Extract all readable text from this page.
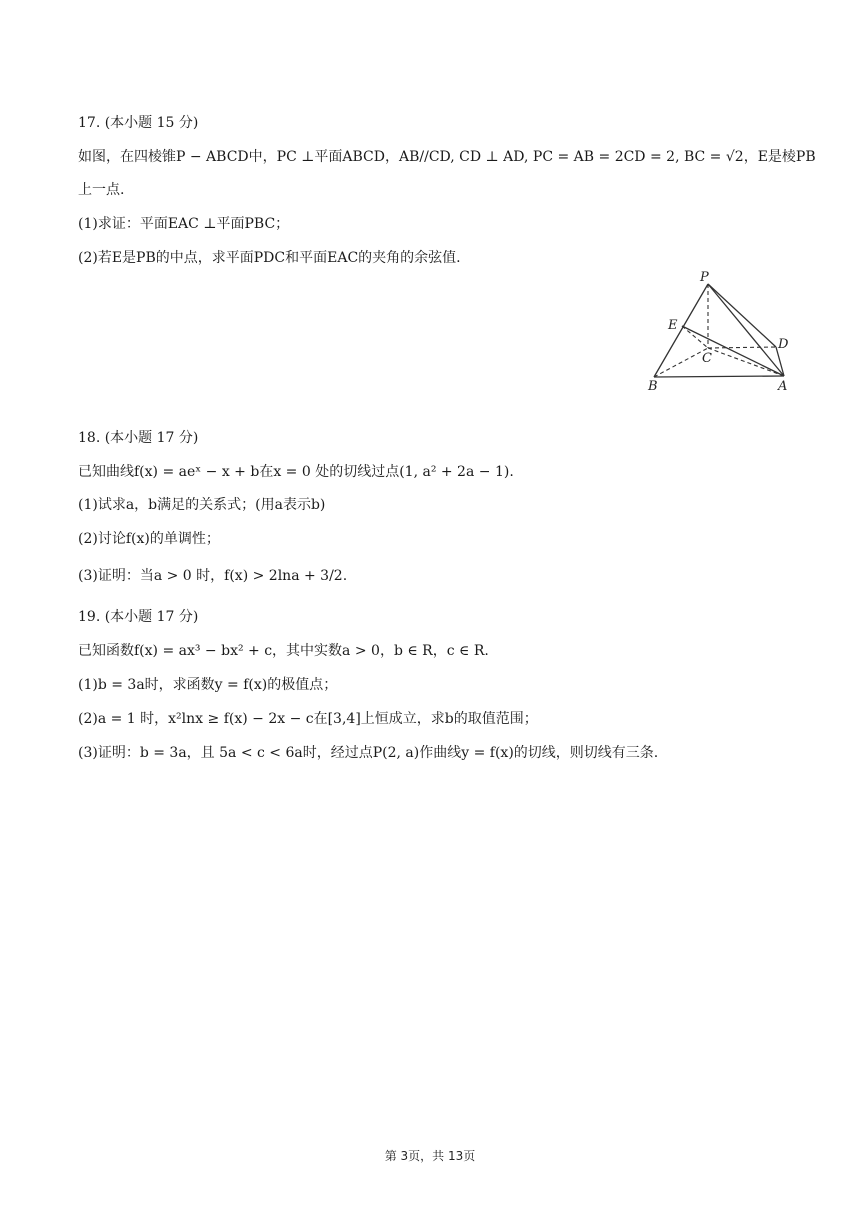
17. (本小题 15 分)
如图，在四棱锥P − ABCD中，PC ⊥平面ABCD，AB//CD, CD ⊥ AD, PC = AB = 2CD = 2, BC = √2，E是棱PB
上一点.
(1)求证：平面EAC ⊥平面PBC；
(2)若E是PB的中点，求平面PDC和平面EAC的夹角的余弦值.
P
E
C
D
B	A
18. (本小题 17 分)
已知曲线f(x) = aeˣ − x + b在x = 0 处的切线过点(1, a² + 2a − 1).
(1)试求a，b满足的关系式；(用a表示b)
(2)讨论f(x)的单调性；
(3)证明：当a > 0 时，f(x) > 2lna + 3/2.
19. (本小题 17 分)
已知函数f(x) = ax³ − bx² + c，其中实数a > 0，b ∈ R，c ∈ R.
(1)b = 3a时，求函数y = f(x)的极值点；
(2)a = 1 时，x²lnx ≥ f(x) − 2x − c在[3,4]上恒成立，求b的取值范围；
(3)证明：b = 3a，且 5a < c < 6a时，经过点P(2, a)作曲线y = f(x)的切线，则切线有三条.
第 3页，共 13页
